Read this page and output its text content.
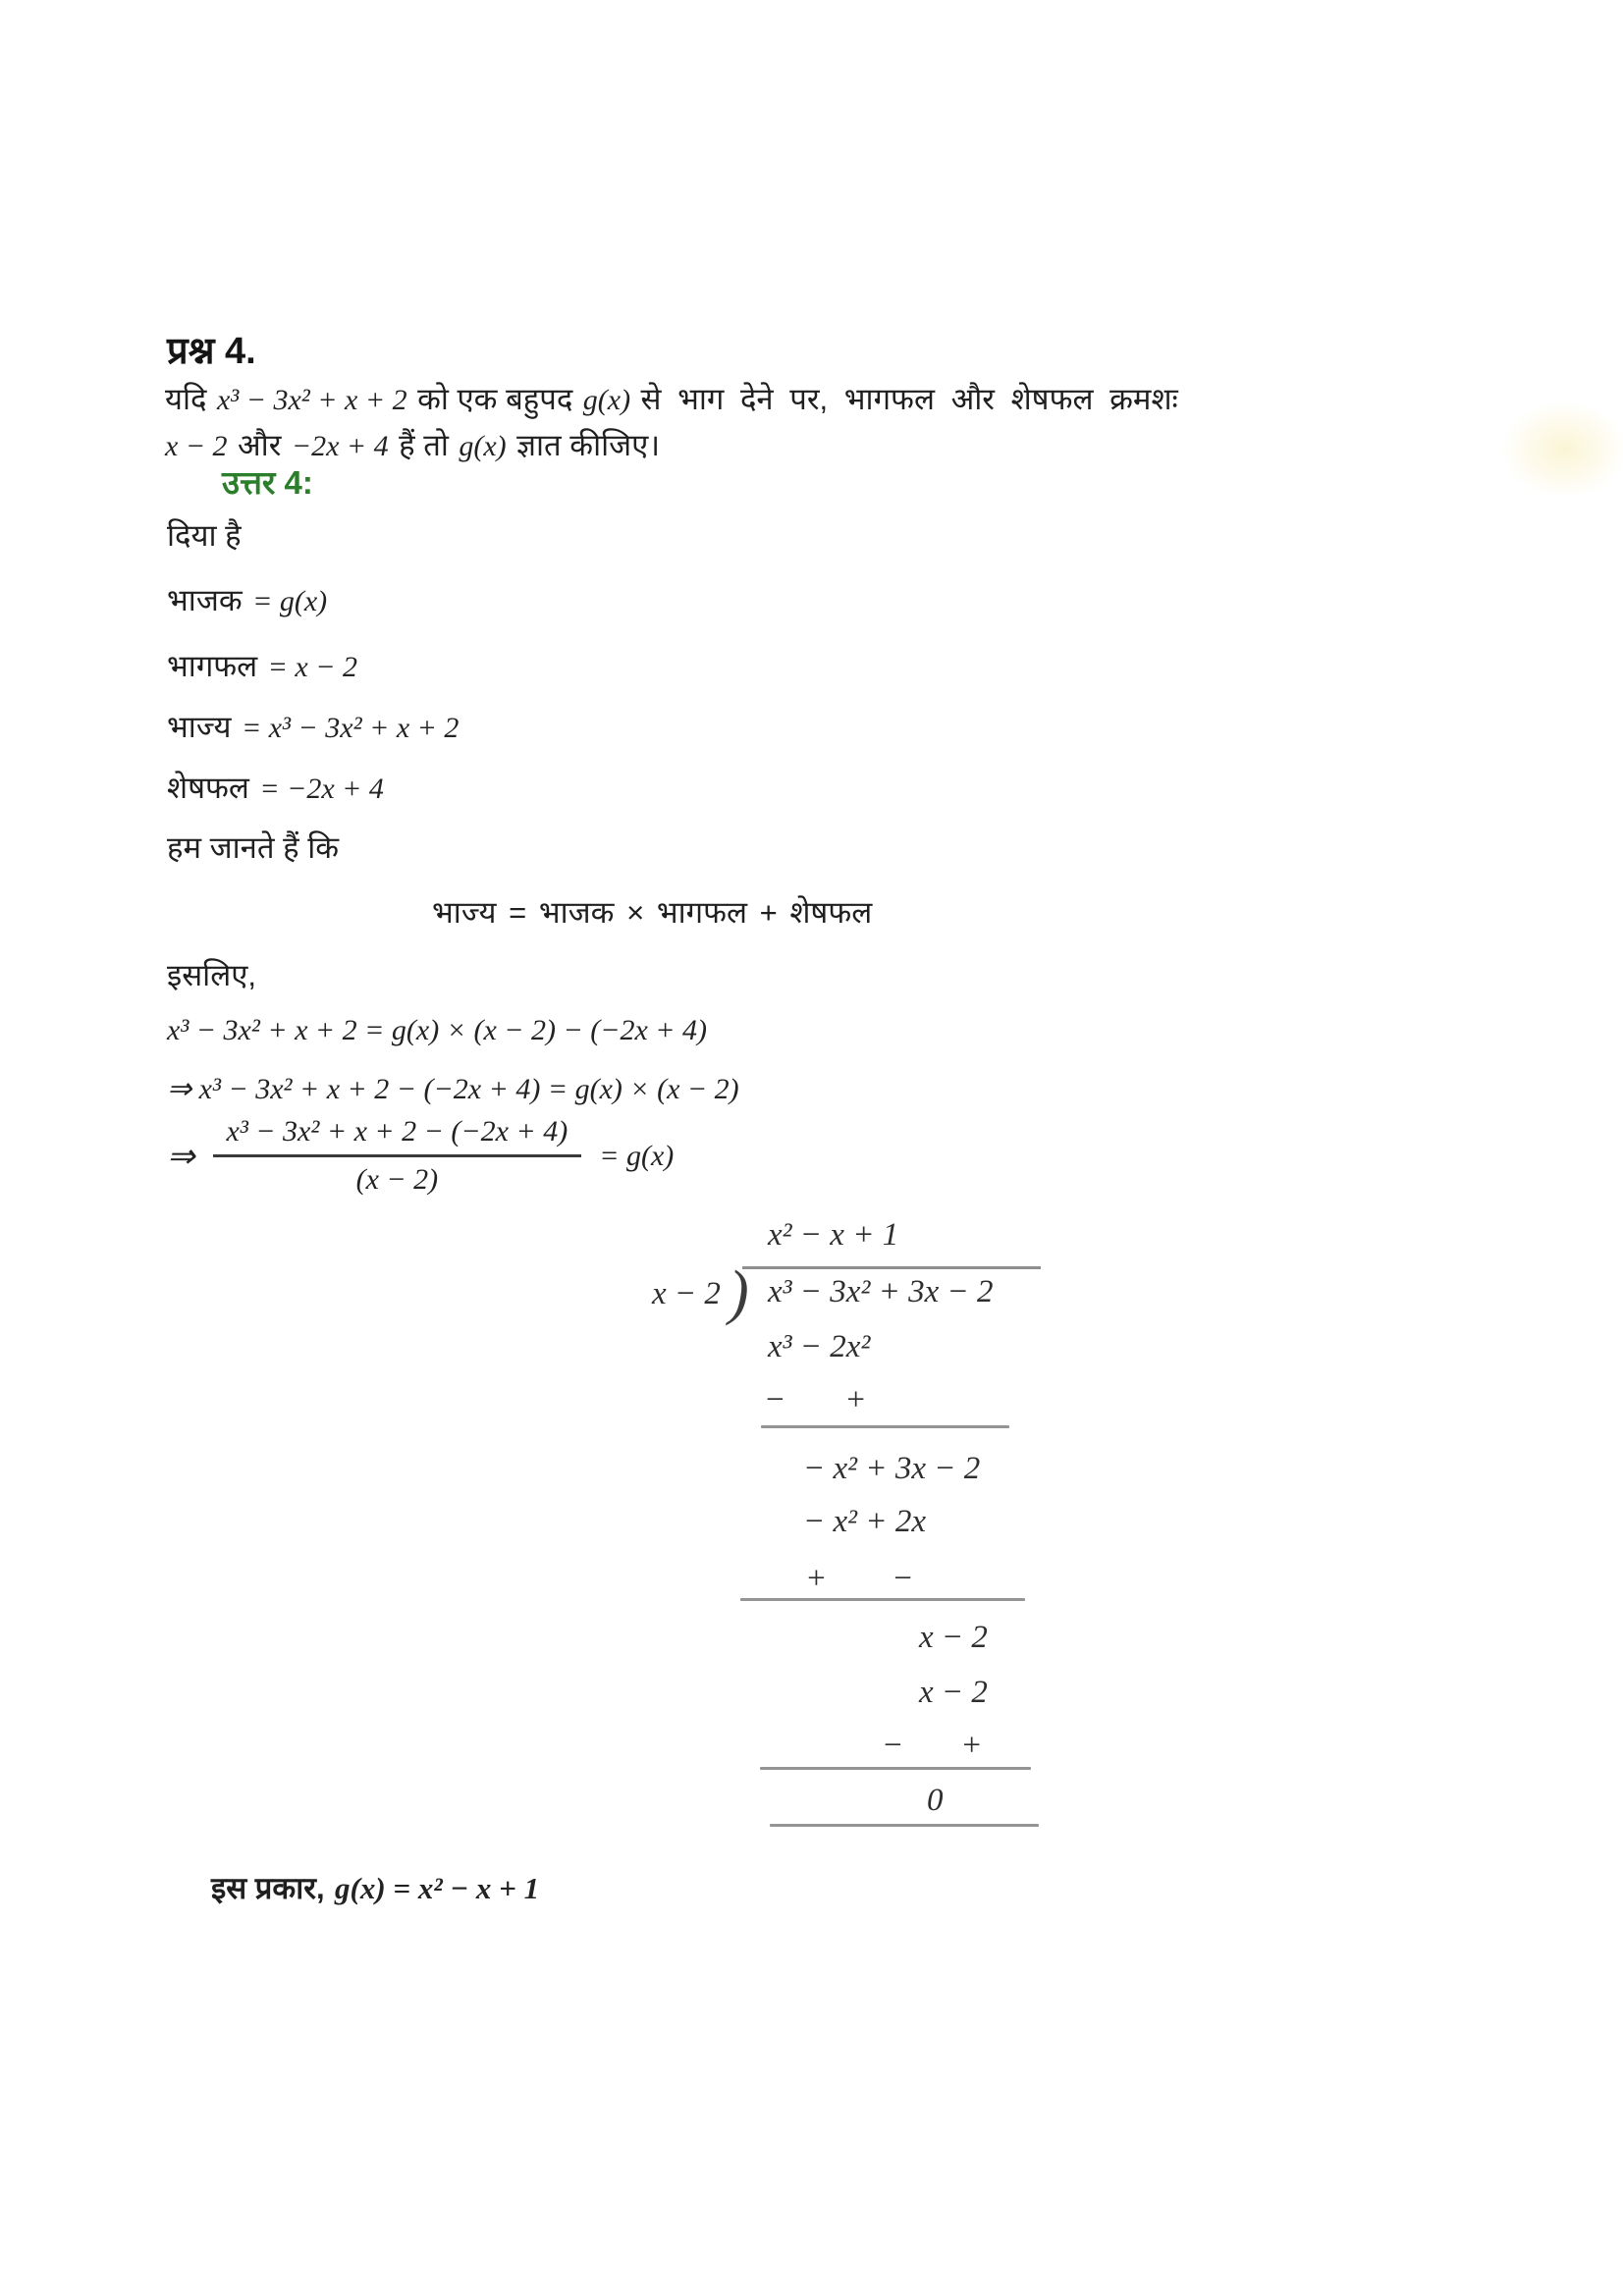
प्रश्न 4.
यदि x³ − 3x² + x + 2 को एक बहुपद g(x) से भाग देने पर, भागफल और शेषफल क्रमशः
x − 2 और −2x + 4 हैं तो g(x) ज्ञात कीजिए।
उत्तर 4:
दिया है
भाजक = g(x)
भागफल = x − 2
भाज्य = x³ − 3x² + x + 2
शेषफल = −2x + 4
हम जानते हैं कि
भाज्य = भाजक × भागफल + शेषफल
इसलिए,
x³ − 3x² + x + 2 = g(x) × (x − 2) − (−2x + 4)
⇒ x³ − 3x² + x + 2 − (−2x + 4) = g(x) × (x − 2)
⇒ $\frac{\text{x³ − 3x² + x + 2 − (−2x + 4)}}{(x - 2)} = g(x)$
x² − x + 1
x − 2 ) x³ − 3x² + 3x − 2
x³ − 2x²
− +
− x² + 3x − 2
− x² + 2x
+ −
x − 2
x − 2
− +
0
इस प्रकार, g(x) = x² − x + 1
